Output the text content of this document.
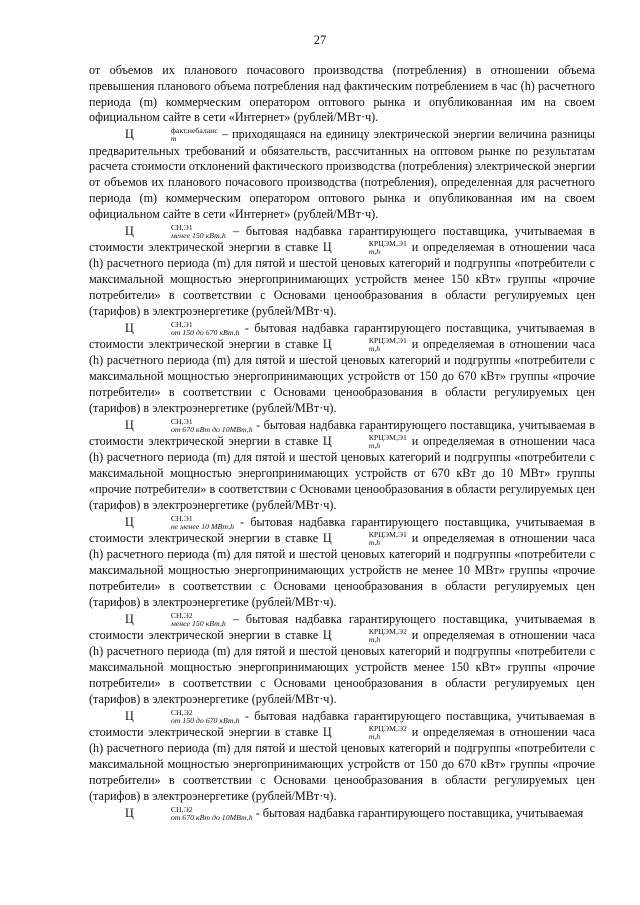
27

от объемов их планового почасового производства (потребления) в отношении объема превышения планового объема потребления над фактическим потреблением в час (h) расчетного периода (m) коммерческим оператором оптового рынка и опубликованная им на своем официальном сайте в сети «Интернет» (рублей/МВт·ч).

Ц	факт,небаланс
m	– приходящаяся на единицу электрической энергии величина разницы предварительных требований и обязательств, рассчитанных на оптовом рынке по результатам расчета стоимости отклонений фактического производства (потребления) электрической энергии от объемов их планового почасового производства (потребления), определенная для расчетного периода (m) коммерческим оператором оптового рынка и опубликованная им на своем официальном сайте в сети «Интернет» (рублей/МВт·ч).

Ц	СН,Э1
менее 150 кВт,h – бытовая надбавка гарантирующего поставщика, учитываемая в стоимости электрической энергии в ставке Ц	КРЦЭМ,Э1
m,h	и определяемая в отношении часа (h) расчетного периода (m) для пятой и шестой ценовых категорий и подгруппы «потребители с максимальной мощностью энергопринимающих устройств менее 150 кВт» группы «прочие потребители» в соответствии с Основами ценообразования в области регулируемых цен (тарифов) в электроэнергетике (рублей/МВт·ч).

Ц	СН,Э1
от 150 до 670 кВт,h - бытовая надбавка гарантирующего поставщика, учитываемая в стоимости электрической энергии в ставке Ц	КРЦЭМ,Э1
m,h	и определяемая в отношении часа (h) расчетного периода (m) для пятой и шестой ценовых категорий и подгруппы «потребители с максимальной мощностью энергопринимающих устройств от 150 до 670 кВт» группы «прочие потребители» в соответствии с Основами ценообразования в области регулируемых цен (тарифов) в электроэнергетике (рублей/МВт·ч).

Ц	СН,Э1
от 670 кВт до 10МВт,h - бытовая надбавка гарантирующего поставщика, учитываемая в стоимости электрической энергии в ставке Ц	КРЦЭМ,Э1
m,h	и определяемая в отношении часа (h) расчетного периода (m) для пятой и шестой ценовых категорий и подгруппы «потребители с максимальной мощностью энергопринимающих устройств от 670 кВт до 10 МВт» группы «прочие потребители» в соответствии с Основами ценообразования в области регулируемых цен (тарифов) в электроэнергетике (рублей/МВт·ч).

Ц	СН,Э1
не менее 10 МВт,h - бытовая надбавка гарантирующего поставщика, учитываемая в стоимости электрической энергии в ставке Ц	КРЦЭМ,Э1
m,h	и определяемая в отношении часа (h) расчетного периода (m) для пятой и шестой ценовых категорий и подгруппы «потребители с максимальной мощностью энергопринимающих устройств не менее 10 МВт» группы «прочие потребители» в соответствии с Основами ценообразования в области регулируемых цен (тарифов) в электроэнергетике (рублей/МВт·ч).

Ц	СН,Э2
менее 150 кВт,h – бытовая надбавка гарантирующего поставщика, учитываемая в стоимости электрической энергии в ставке Ц	КРЦЭМ,Э2
m,h	и определяемая в отношении часа (h) расчетного периода (m) для пятой и шестой ценовых категорий и подгруппы «потребители с максимальной мощностью энергопринимающих устройств менее 150 кВт» группы «прочие потребители» в соответствии с Основами ценообразования в области регулируемых цен (тарифов) в электроэнергетике (рублей/МВт·ч).

Ц	СН,Э2
от 150 до 670 кВт,h - бытовая надбавка гарантирующего поставщика, учитываемая в стоимости электрической энергии в ставке Ц	КРЦЭМ,Э2
m,h	и определяемая в отношении часа (h) расчетного периода (m) для пятой и шестой ценовых категорий и подгруппы «потребители с максимальной мощностью энергопринимающих устройств от 150 до 670 кВт» группы «прочие потребители» в соответствии с Основами ценообразования в области регулируемых цен (тарифов) в электроэнергетике (рублей/МВт·ч).

Ц	СН,Э2
от 670 кВт до 10МВт,h - бытовая надбавка гарантирующего поставщика, учитываемая
